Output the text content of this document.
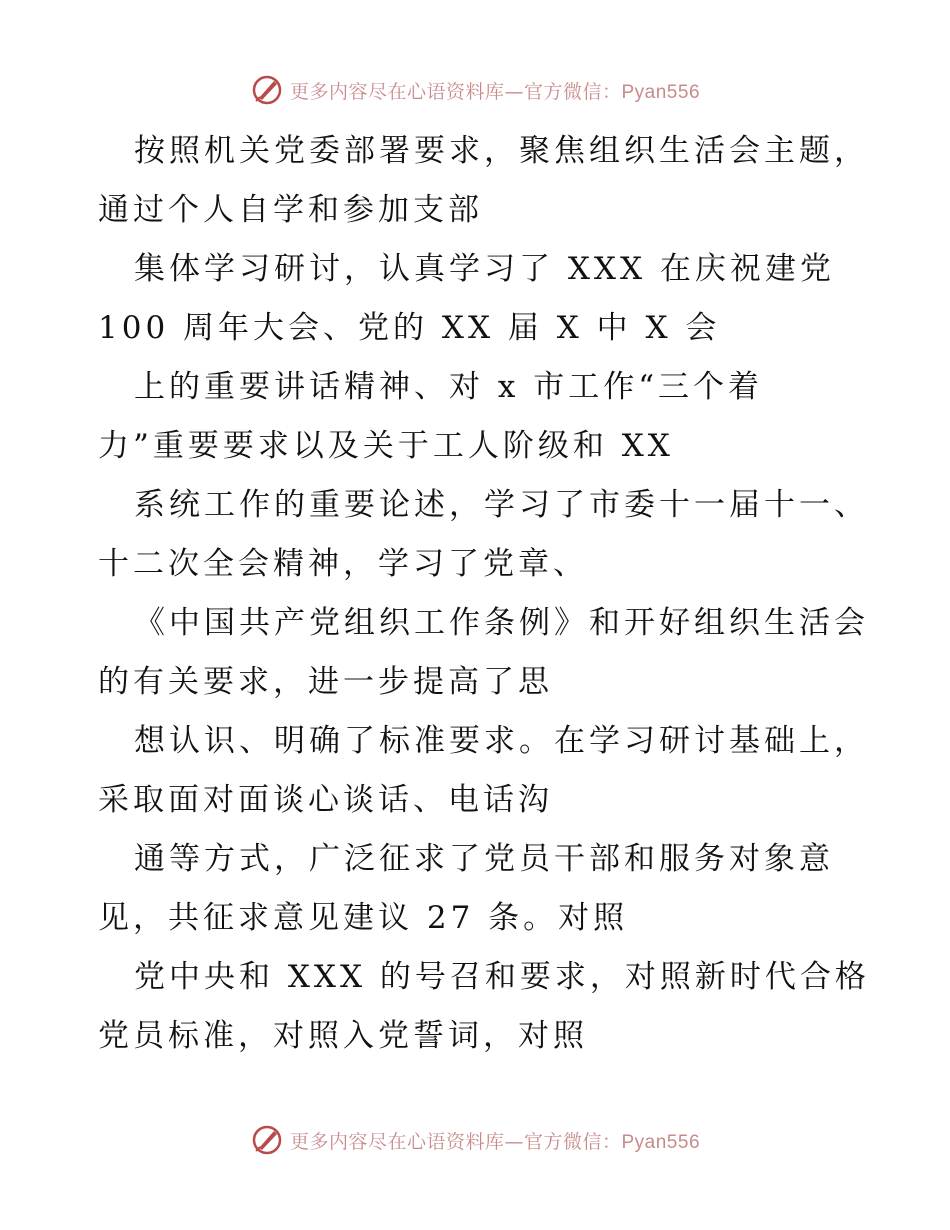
更多内容尽在心语资料库—官方微信：Pyan556
按照机关党委部署要求，聚焦组织生活会主题，
通过个人自学和参加支部
集体学习研讨，认真学习了 XXX 在庆祝建党
100 周年大会、党的 XX 届 X 中 X 会
上的重要讲话精神、对 x 市工作“三个着
力”重要要求以及关于工人阶级和 XX
系统工作的重要论述，学习了市委十一届十一、
十二次全会精神，学习了党章、
《中国共产党组织工作条例》和开好组织生活会
的有关要求，进一步提高了思
想认识、明确了标准要求。在学习研讨基础上，
采取面对面谈心谈话、电话沟
通等方式，广泛征求了党员干部和服务对象意
见，共征求意见建议 27 条。对照
党中央和 XXX 的号召和要求，对照新时代合格
党员标准，对照入党誓词，对照
更多内容尽在心语资料库—官方微信：Pyan556
